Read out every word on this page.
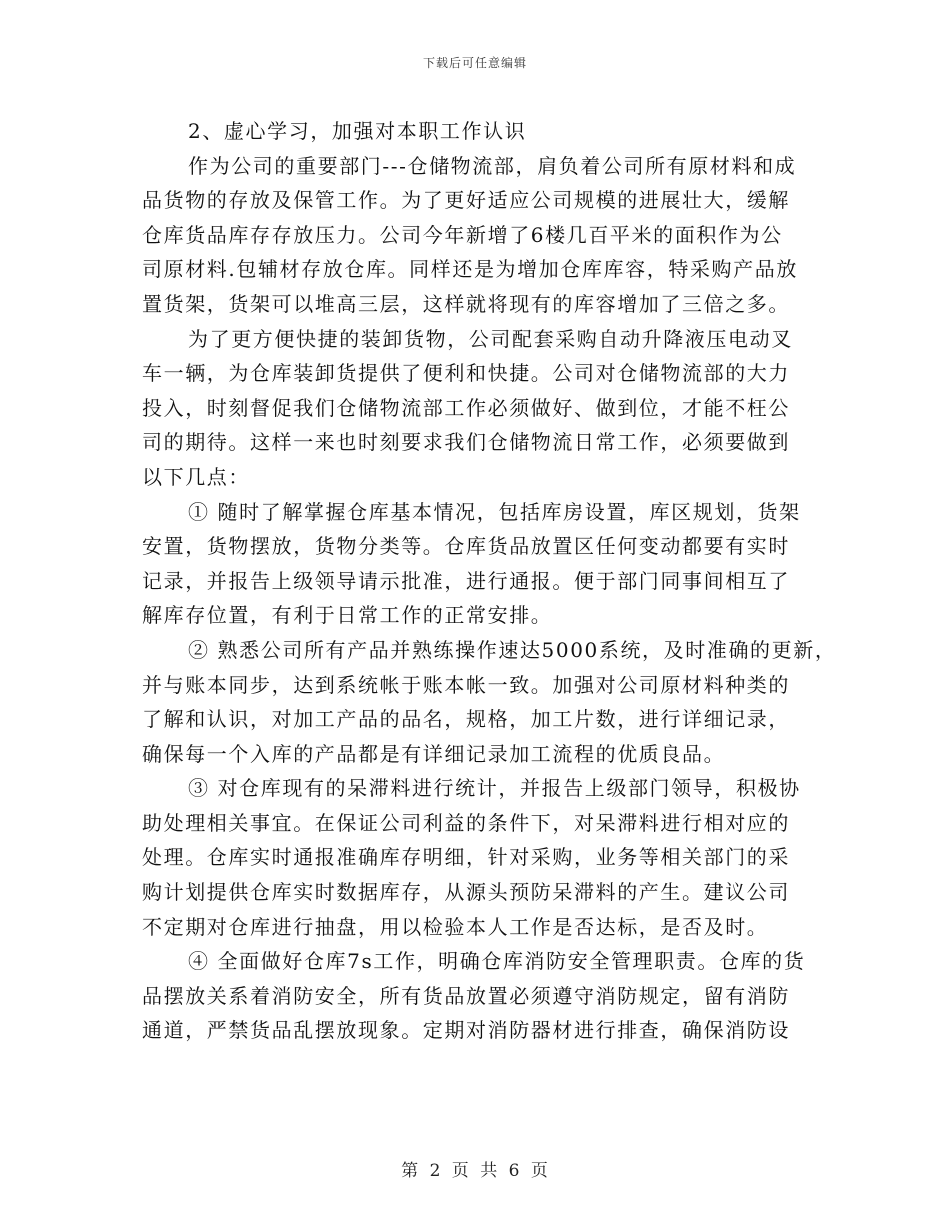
下载后可任意编辑
2、虚心学习，加强对本职工作认识
作为公司的重要部门---仓储物流部，肩负着公司所有原材料和成
品货物的存放及保管工作。为了更好适应公司规模的进展壮大，缓解
仓库货品库存存放压力。公司今年新增了6楼几百平米的面积作为公
司原材料.包辅材存放仓库。同样还是为增加仓库库容，特采购产品放
置货架，货架可以堆高三层，这样就将现有的库容增加了三倍之多。
为了更方便快捷的装卸货物，公司配套采购自动升降液压电动叉
车一辆，为仓库装卸货提供了便利和快捷。公司对仓储物流部的大力
投入，时刻督促我们仓储物流部工作必须做好、做到位，才能不枉公
司的期待。这样一来也时刻要求我们仓储物流日常工作，必须要做到
以下几点：
① 随时了解掌握仓库基本情况，包括库房设置，库区规划，货架
安置，货物摆放，货物分类等。仓库货品放置区任何变动都要有实时
记录，并报告上级领导请示批准，进行通报。便于部门同事间相互了
解库存位置，有利于日常工作的正常安排。
② 熟悉公司所有产品并熟练操作速达5000系统，及时准确的更新，
并与账本同步，达到系统帐于账本帐一致。加强对公司原材料种类的
了解和认识，对加工产品的品名，规格，加工片数，进行详细记录，
确保每一个入库的产品都是有详细记录加工流程的优质良品。
③ 对仓库现有的呆滞料进行统计，并报告上级部门领导，积极协
助处理相关事宜。在保证公司利益的条件下，对呆滞料进行相对应的
处理。仓库实时通报准确库存明细，针对采购，业务等相关部门的采
购计划提供仓库实时数据库存，从源头预防呆滞料的产生。建议公司
不定期对仓库进行抽盘，用以检验本人工作是否达标，是否及时。
④ 全面做好仓库7s工作，明确仓库消防安全管理职责。仓库的货
品摆放关系着消防安全，所有货品放置必须遵守消防规定，留有消防
通道，严禁货品乱摆放现象。定期对消防器材进行排查，确保消防设
第 2 页 共 6 页
